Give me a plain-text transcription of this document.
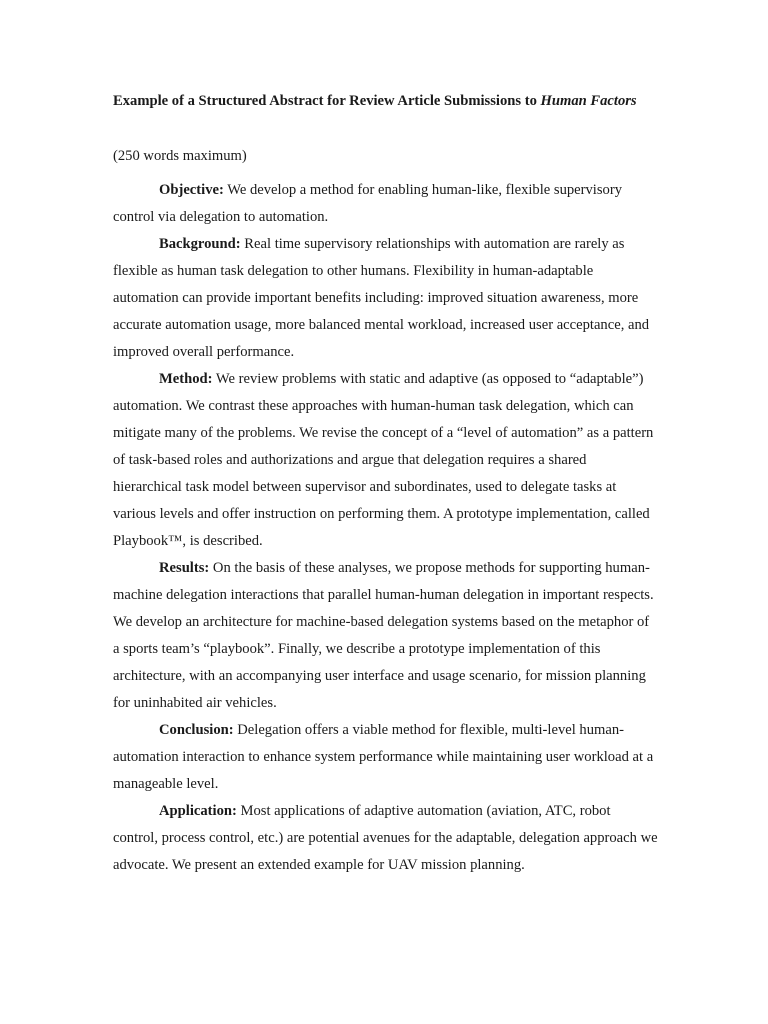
Example of a Structured Abstract for Review Article Submissions to Human Factors
(250 words maximum)

Objective: We develop a method for enabling human-like, flexible supervisory control via delegation to automation.

Background: Real time supervisory relationships with automation are rarely as flexible as human task delegation to other humans. Flexibility in human-adaptable automation can provide important benefits including: improved situation awareness, more accurate automation usage, more balanced mental workload, increased user acceptance, and improved overall performance.

Method: We review problems with static and adaptive (as opposed to “adaptable”) automation. We contrast these approaches with human-human task delegation, which can mitigate many of the problems. We revise the concept of a “level of automation” as a pattern of task-based roles and authorizations and argue that delegation requires a shared hierarchical task model between supervisor and subordinates, used to delegate tasks at various levels and offer instruction on performing them. A prototype implementation, called Playbook™, is described.

Results: On the basis of these analyses, we propose methods for supporting human-machine delegation interactions that parallel human-human delegation in important respects. We develop an architecture for machine-based delegation systems based on the metaphor of a sports team’s “playbook”. Finally, we describe a prototype implementation of this architecture, with an accompanying user interface and usage scenario, for mission planning for uninhabited air vehicles.

Conclusion: Delegation offers a viable method for flexible, multi-level human-automation interaction to enhance system performance while maintaining user workload at a manageable level.

Application: Most applications of adaptive automation (aviation, ATC, robot control, process control, etc.) are potential avenues for the adaptable, delegation approach we advocate. We present an extended example for UAV mission planning.
